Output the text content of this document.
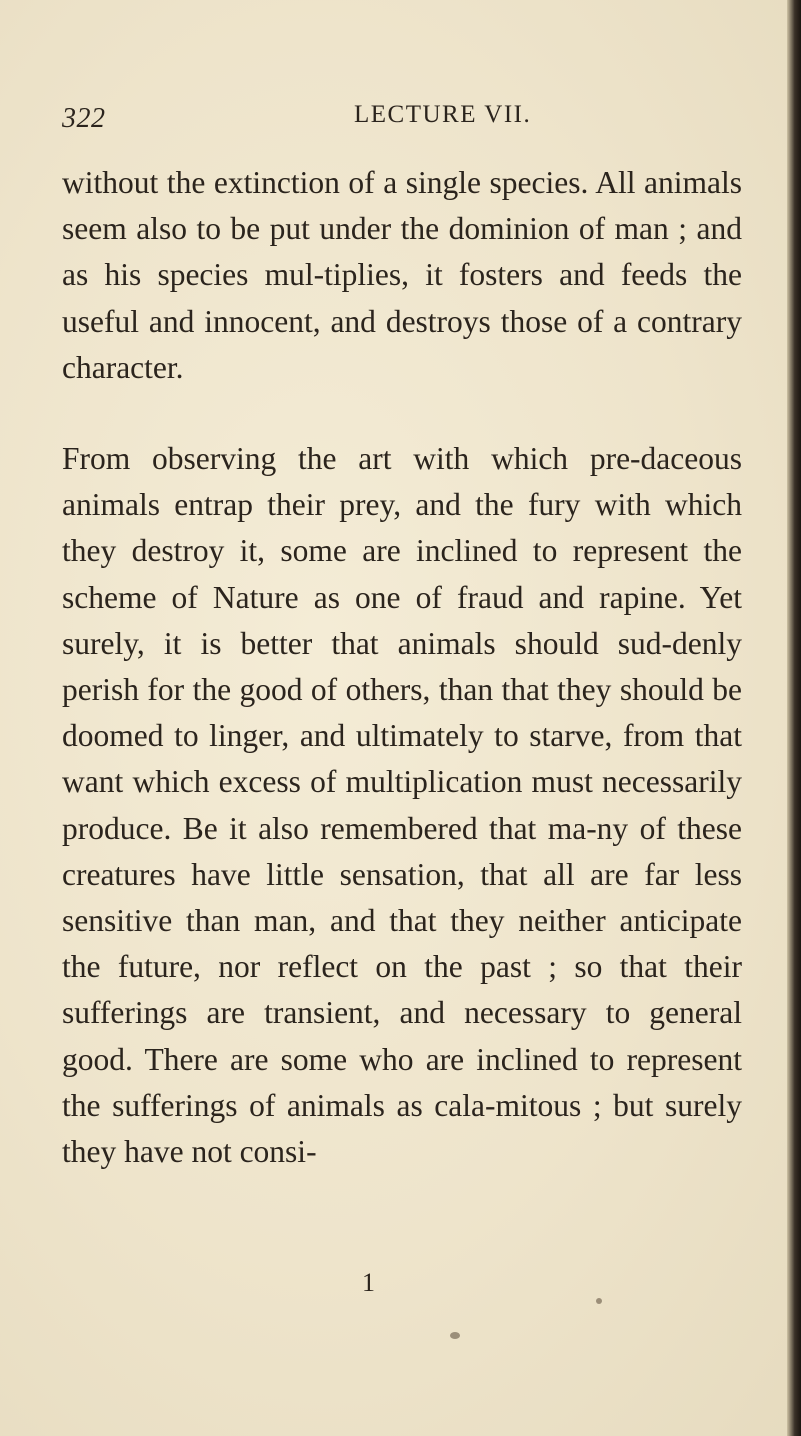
322	LECTURE VII.

without the extinction of a single species. All animals seem also to be put under the dominion of man ; and as his species mul-tiplies, it fosters and feeds the useful and innocent, and destroys those of a contrary character.

From observing the art with which pre-daceous animals entrap their prey, and the fury with which they destroy it, some are inclined to represent the scheme of Nature as one of fraud and rapine. Yet surely, it is better that animals should sud-denly perish for the good of others, than that they should be doomed to linger, and ultimately to starve, from that want which excess of multiplication must necessarily produce. Be it also remembered that ma-ny of these creatures have little sensation, that all are far less sensitive than man, and that they neither anticipate the future, nor reflect on the past ; so that their sufferings are transient, and necessary to general good. There are some who are inclined to represent the sufferings of animals as cala-mitous ; but surely they have not consi-

1
